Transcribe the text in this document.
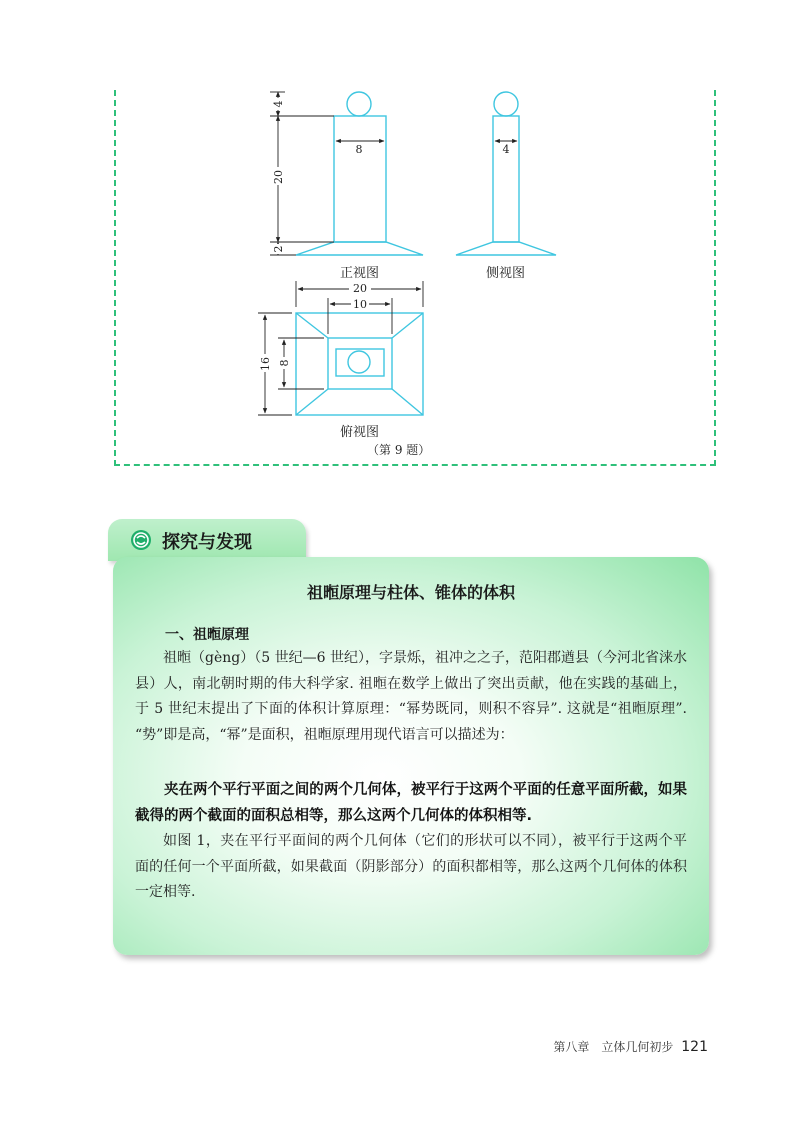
4
20
2
8	4
20
10
16 8
正视图	侧视图
俯视图
（第 9 题）
探究与发现
祖暅原理与柱体、锥体的体积
一、祖暅原理

祖暅（gèng）（5 世纪—6 世纪），字景烁，祖冲之之子，范阳郡遒县（今河北省涞水县）人，南北朝时期的伟大科学家. 祖暅在数学上做出了突出贡献，他在实践的基础上，于 5 世纪末提出了下面的体积计算原理：“幂势既同，则积不容异”. 这就是“祖暅原理”. “势”即是高，“幂”是面积，祖暅原理用现代语言可以描述为：

夹在两个平行平面之间的两个几何体，被平行于这两个平面的任意平面所截，如果截得的两个截面的面积总相等，那么这两个几何体的体积相等.

如图 1，夹在平行平面间的两个几何体（它们的形状可以不同），被平行于这两个平面的任何一个平面所截，如果截面（阴影部分）的面积都相等，那么这两个几何体的体积一定相等.

第八章　立体几何初步 121
